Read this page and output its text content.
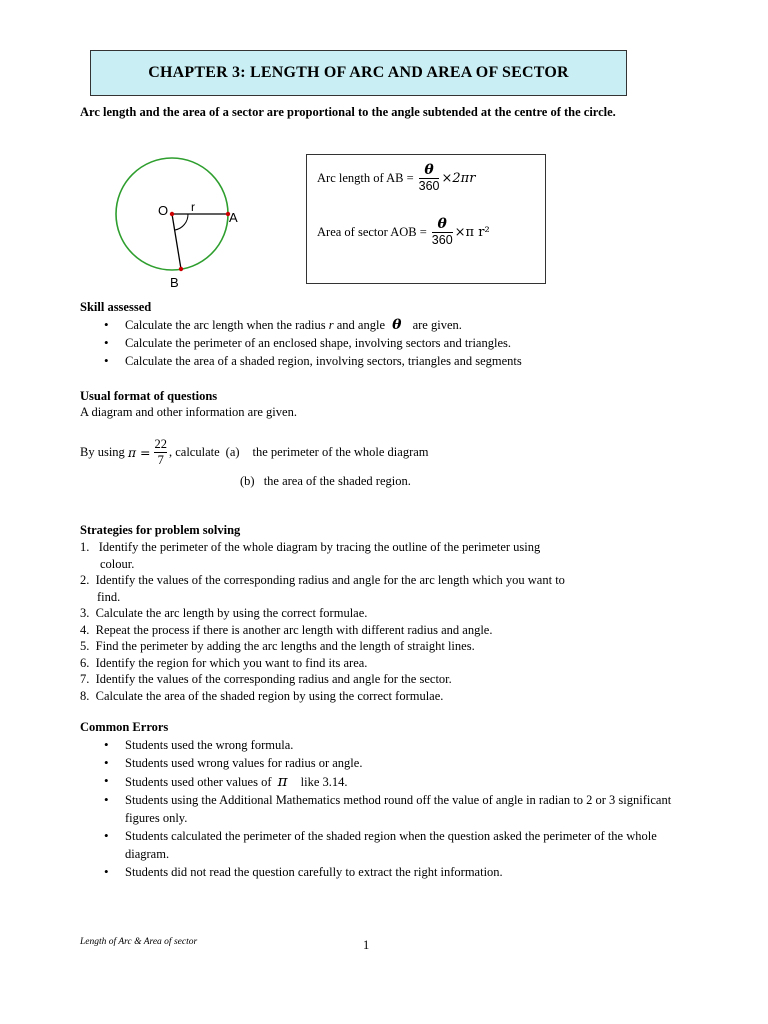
CHAPTER 3: LENGTH OF ARC AND AREA OF SECTOR
Arc length and the area of a sector are proportional to the angle subtended at the centre of the circle.
O r
A
B
Arc length of AB = $\frac{\theta}{360} \times 2\pi r$
Area of sector AOB = $\frac{\theta}{360} \times\pi$ r²
Skill assessed
• Calculate the arc length when the radius r and angle θ are given.
• Calculate the perimeter of an enclosed shape, involving sectors and triangles.
• Calculate the area of a shaded region, involving sectors, triangles and segments
Usual format of questions
A diagram and other information are given.
By using $\pi = \frac{22}{7}$ , calculate (a) the perimeter of the whole diagram
(b) the area of the shaded region.
Strategies for problem solving
1. Identify the perimeter of the whole diagram by tracing the outline of the perimeter using
colour.
2. Identify the values of the corresponding radius and angle for the arc length which you want to
find.
3. Calculate the arc length by using the correct formulae.
4. Repeat the process if there is another arc length with different radius and angle.
5. Find the perimeter by adding the arc lengths and the length of straight lines.
6. Identify the region for which you want to find its area.
7. Identify the values of the corresponding radius and angle for the sector.
8. Calculate the area of the shaded region by using the correct formulae.
Common Errors
• Students used the wrong formula.
• Students used wrong values for radius or angle.
• Students used other values of π like 3.14.
• Students using the Additional Mathematics method round off the value of angle in radian to 2 or 3 significant figures only.
• Students calculated the perimeter of the shaded region when the question asked the perimeter of the whole diagram.
• Students did not read the question carefully to extract the right information.
Length of Arc & Area of sector	1
